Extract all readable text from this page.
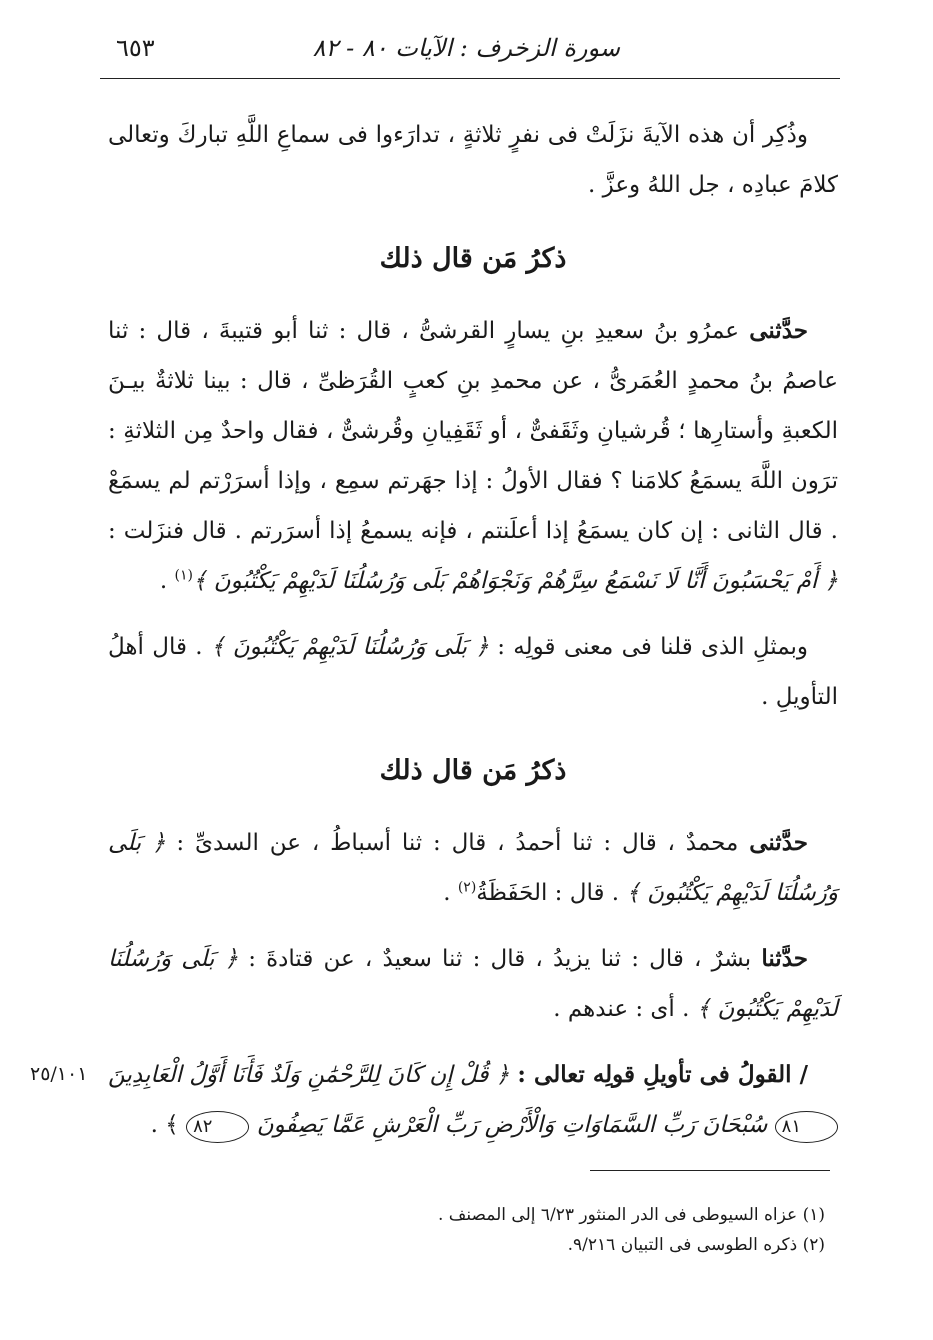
سورة الزخرف : الآيات ٨٠ - ٨٢
٦٥٣

وذُكِر أن هذه الآيةَ نزَلَتْ فى نفرٍ ثلاثةٍ ، تدارَءوا فى سماعِ اللَّهِ تباركَ وتعالى كلامَ عبادِه ، جل اللهُ وعزَّ .

ذكرُ مَن قال ذلك

حدَّثنى عمرُو بنُ سعيدِ بنِ يسارٍ القرشىُّ ، قال : ثنا أبو قتيبةَ ، قال : ثنا عاصمُ بنُ محمدٍ العُمَرىُّ ، عن محمدِ بنِ كعبٍ القُرَظىِّ ، قال : بينا ثلاثةٌ بيـنَ الكعبةِ وأستارِها ؛ قُرشيانِ وثَقَفىٌّ ، أو ثَقَفِيانِ وقُرشىٌّ ، فقال واحدٌ مِن الثلاثةِ : ترَون اللَّهَ يسمَعُ كلامَنا ؟ فقال الأولُ : إذا جهَرتم سمِع ، وإذا أسرَرْتم لم يسمَعْ . قال الثانى : إن كان يسمَعُ إذا أعلَنتم ، فإنه يسمعُ إذا أسرَرتم . قال فنزَلت : ﴿ أَمْ يَحْسَبُونَ أَنَّا لَا نَسْمَعُ سِرَّهُمْ وَنَجْوَاهُمْ بَلَى وَرُسُلُنَا لَدَيْهِمْ يَكْتُبُونَ ﴾$^{(١)}$ .

وبمثلِ الذى قلنا فى معنى قولِه : ﴿ بَلَى وَرُسُلُنَا لَدَيْهِمْ يَكْتُبُونَ ﴾ . قال أهلُ التأويلِ .

ذكرُ مَن قال ذلك

حدَّثنى محمدٌ ، قال : ثنا أحمدُ ، قال : ثنا أسباطُ ، عن السدىِّ : ﴿ بَلَى وَرُسُلُنَا لَدَيْهِمْ يَكْتُبُونَ ﴾ . قال : الحَفَظَةُ$^{(٢)}$ .

حدَّثنا بشرٌ ، قال : ثنا يزيدُ ، قال : ثنا سعيدٌ ، عن قتادةَ : ﴿ بَلَى وَرُسُلُنَا لَدَيْهِمْ يَكْتُبُونَ ﴾ . أى : عندهم .

/ القولُ فى تأويلِ قولِه تعالى : ﴿ قُلْ إِن كَانَ لِلرَّحْمَٰنِ وَلَدٌ فَأَنَا أَوَّلُ الْعَابِدِينَ ٨١ سُبْحَانَ رَبِّ السَّمَاوَاتِ وَالْأَرْضِ رَبِّ الْعَرْشِ عَمَّا يَصِفُونَ ٨٢ ﴾ .

٢٥/١٠١

(١) عزاه السيوطى فى الدر المنثور ٦/٢٣ إلى المصنف .

(٢) ذكره الطوسى فى التبيان ٩/٢١٦.
